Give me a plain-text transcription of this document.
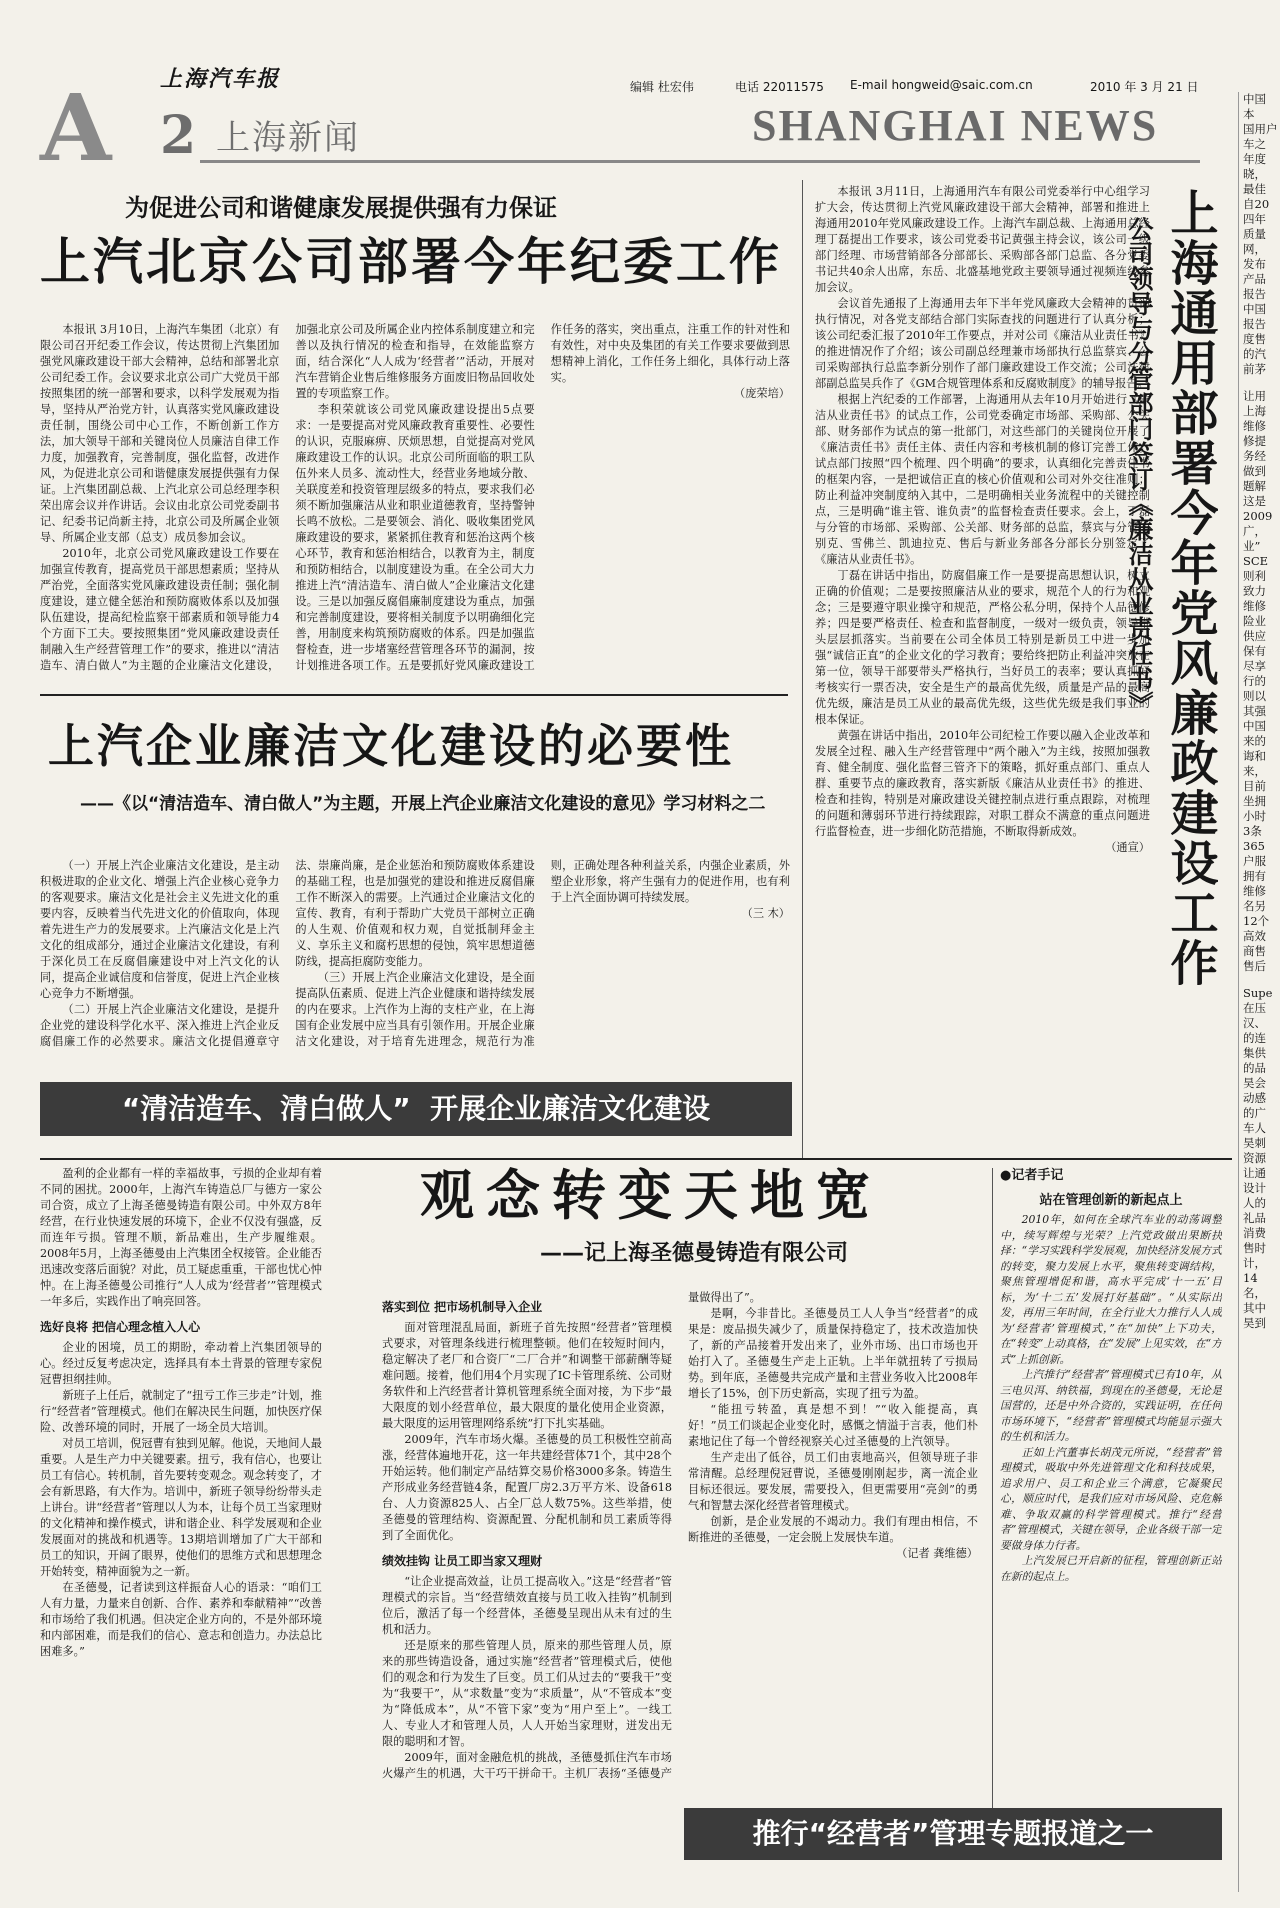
上海汽车报	编辑 杜宏伟	电话 22011575 E-mail hongweid@saic.com.cn	2010 年 3 月 21 日
A 2 上海新闻	SHANGHAI NEWS
为促进公司和谐健康发展提供强有力保证
上汽北京公司部署今年纪委工作

本报讯 3月10日，上海汽车集团（北京）有限公司召开纪委工作会议，传达贯彻上汽集团加强党风廉政建设干部大会精神，总结和部署北京公司纪委工作。会议要求北京公司广大党员干部按照集团的统一部署和要求，以科学发展观为指导，坚持从严治党方针，认真落实党风廉政建设责任制，围绕公司中心工作，不断创新工作方法，加大领导干部和关键岗位人员廉洁自律工作力度，加强教育，完善制度，强化监督，改进作风，为促进北京公司和谐健康发展提供强有力保证。上汽集团副总裁、上汽北京公司总经理李积荣出席会议并作讲话。会议由北京公司党委副书记、纪委书记尚新主持，北京公司及所属企业领导、所属企业支部（总支）成员参加会议。

2010年，北京公司党风廉政建设工作要在加强宣传教育，提高党员干部思想素质；坚持从严治党，全面落实党风廉政建设责任制；强化制度建设，建立健全惩治和预防腐败体系以及加强队伍建设，提高纪检监察干部素质和领导能力4个方面下工夫。要按照集团“党风廉政建设责任制融入生产经营管理工作”的要求，推进以“清洁造车、清白做人”为主题的企业廉洁文化建设，加强北京公司及所属企业内控体系制度建立和完善以及执行情况的检查和指导，在效能监察方面，结合深化“人人成为‘经营者’”活动，开展对汽车营销企业售后维修服务方面废旧物品回收处置的专项监察工作。

李积荣就该公司党风廉政建设提出5点要求：一是要提高对党风廉政教育重要性、必要性的认识，克服麻痹、厌烦思想，自觉提高对党风廉政建设工作的认识。北京公司所面临的职工队伍外来人员多、流动性大，经营业务地域分散、关联度差和投资管理层级多的特点，要求我们必须不断加强廉洁从业和职业道德教育，坚持警钟长鸣不放松。二是要领会、消化、吸收集团党风廉政建设的要求，紧紧抓住教育和惩治这两个核心环节，教育和惩治相结合，以教育为主，制度和预防相结合，以制度建设为重。在全公司大力推进上汽“清洁造车、清白做人”企业廉洁文化建设。三是以加强反腐倡廉制度建设为重点，加强和完善制度建设，要将相关制度予以明确细化完善，用制度来构筑预防腐败的体系。四是加强监督检查，进一步堵塞经营管理各环节的漏洞，按计划推进各项工作。五是要抓好党风廉政建设工作任务的落实，突出重点，注重工作的针对性和有效性，对中央及集团的有关工作要求要做到思想精神上消化，工作任务上细化，具体行动上落实。

（庞荣培）
上汽企业廉洁文化建设的必要性
——《以“清洁造车、清白做人”为主题，开展上汽企业廉洁文化建设的意见》学习材料之二

（一）开展上汽企业廉洁文化建设，是主动积极进取的企业文化、增强上汽企业核心竞争力的客观要求。廉洁文化是社会主义先进文化的重要内容，反映着当代先进文化的价值取向，体现着先进生产力的发展要求。上汽廉洁文化是上汽文化的组成部分，通过企业廉洁文化建设，有利于深化员工在反腐倡廉建设中对上汽文化的认同，提高企业诚信度和信誉度，促进上汽企业核心竞争力不断增强。

（二）开展上汽企业廉洁文化建设，是提升企业党的建设科学化水平、深入推进上汽企业反腐倡廉工作的必然要求。廉洁文化提倡遵章守法、崇廉尚廉，是企业惩治和预防腐败体系建设的基础工程，也是加强党的建设和推进反腐倡廉工作不断深入的需要。上汽通过企业廉洁文化的宣传、教育，有利于帮助广大党员干部树立正确的人生观、价值观和权力观，自觉抵制拜金主义、享乐主义和腐朽思想的侵蚀，筑牢思想道德防线，提高拒腐防变能力。

（三）开展上汽企业廉洁文化建设，是全面提高队伍素质、促进上汽企业健康和谐持续发展的内在要求。上汽作为上海的支柱产业，在上海国有企业发展中应当具有引领作用。开展企业廉洁文化建设，对于培育先进理念，规范行为准则，正确处理各种利益关系，内强企业素质，外塑企业形象，将产生强有力的促进作用，也有利于上汽全面协调可持续发展。

（三 木）
“清洁造车、清白做人”  开展企业廉洁文化建设

本报讯 3月11日，上海通用汽车有限公司党委举行中心组学习扩大会，传达贯彻上汽党风廉政建设干部大会精神，部署和推进上海通用2010年党风廉政建设工作。上海汽车副总裁、上海通用总经理丁磊提出工作要求，该公司党委书记黄强主持会议，该公司一级部门经理、市场营销部各分部部长、采购部各部门总监、各分党委书记共40余人出席，东岳、北盛基地党政主要领导通过视频连线参加会议。

会议首先通报了上海通用去年下半年党风廉政大会精神的贯彻执行情况，对各党支部结合部门实际查找的问题进行了认真分析；该公司纪委汇报了2010年工作要点，并对公司《廉洁从业责任书》的推进情况作了介绍；该公司副总经理兼市场部执行总监蔡宾、公司采购部执行总监李新分别作了部门廉政建设工作交流；公司法律部副总监吴兵作了《GM合规管理体系和反腐败制度》的辅导报告。

根据上汽纪委的工作部署，上海通用从去年10月开始进行《廉洁从业责任书》的试点工作，公司党委确定市场部、采购部、公关部、财务部作为试点的第一批部门，对这些部门的关键岗位开展了《廉洁责任书》责任主体、责任内容和考核机制的修订完善工作。试点部门按照“四个梳理、四个明确”的要求，认真细化完善责任书的框架内容，一是把诚信正直的核心价值观和公司对外交往准则；防止利益冲突制度纳入其中，二是明确相关业务流程中的关键控制点，三是明确“谁主管、谁负责”的监督检查责任要求。会上，丁磊与分管的市场部、采购部、公关部、财务部的总监，蔡宾与分管的别克、雪佛兰、凯迪拉克、售后与新业务部各分部长分别签定了《廉洁从业责任书》。

丁磊在讲话中指出，防腐倡廉工作一是要提高思想认识，树立正确的价值观；二是要按照廉洁从业的要求，规范个人的行为和观念；三是要遵守职业操守和规范，严格公私分明，保持个人品德修养；四是要严格责任、检查和监督制度，一级对一级负责，领导带头层层抓落实。当前要在公司全体员工特别是新员工中进一步加强“诚信正直”的企业文化的学习教育；要给终把防止利益冲突放在第一位，领导干部要带头严格执行，当好员工的表率；要认真抓好考核实行一票否决，安全是生产的最高优先级，质量是产品的最高优先级，廉洁是员工从业的最高优先级，这些优先级是我们事业的根本保证。

黄强在讲话中指出，2010年公司纪检工作要以融入企业改革和发展全过程、融入生产经营管理中“两个融入”为主线，按照加强教育、健全制度、强化监督三管齐下的策略，抓好重点部门、重点人群、重要节点的廉政教育，落实新版《廉洁从业责任书》的推进、检查和挂钩，特别是对廉政建设关键控制点进行重点跟踪，对梳理的问题和薄弱环节进行持续跟踪，对职工群众不满意的重点问题进行监督检查，进一步细化防范措施，不断取得新成效。

（通宣） 上海通用部署今年党风廉政建设工作
公司领导与分管部门签订《廉洁从业责任书》
观念转变天地宽
——记上海圣德曼铸造有限公司

盈利的企业都有一样的幸福故事，亏损的企业却有着不同的困扰。2000年，上海汽车铸造总厂与德方一家公司合资，成立了上海圣德曼铸造有限公司。中外双方8年经营，在行业快速发展的环境下，企业不仅没有强盛，反而连年亏损。管理不顺，新品难出，生产步履维艰。2008年5月，上海圣德曼由上汽集团全权接管。企业能否迅速改变落后面貌？对此，员工疑虑重重，干部也忧心忡忡。在上海圣德曼公司推行“人人成为‘经营者’”管理模式一年多后，实践作出了响亮回答。

选好良将 把信心理念植入人心

企业的困境，员工的期盼，牵动着上汽集团领导的心。经过反复考虑决定，选择具有本土背景的管理专家倪冠曹担纲挂帅。

新班子上任后，就制定了“扭亏工作三步走”计划，推行“经营者”管理模式。他们在解决民生问题，加快医疗保险、改善环境的同时，开展了一场全员大培训。

对员工培训，倪冠曹有独到见解。他说，天地间人最重要。人是生产力中关键要素。扭亏，我有信心，也要让员工有信心。转机制，首先要转变观念。观念转变了，才会有新思路，有大作为。培训中，新班子领导纷纷带头走上讲台。讲“经营者”管理以人为本，让每个员工当家理财的文化精神和操作模式，讲和谐企业、科学发展观和企业发展面对的挑战和机遇等。13期培训增加了广大干部和员工的知识，开阔了眼界，使他们的思维方式和思想理念开始转变，精神面貌为之一新。

在圣德曼，记者读到这样振奋人心的语录：“咱们工人有力量，力量来自创新、合作、素养和奉献精神”“改善和市场给了我们机遇。但决定企业方向的，不是外部环境和内部困难，而是我们的信心、意志和创造力。办法总比困难多。”

落实到位 把市场机制导入企业

面对管理混乱局面，新班子首先按照“经营者”管理模式要求，对管理条线进行梳理整顿。他们在较短时间内，稳定解决了老厂和合资厂“二厂合并”和调整干部薪酬等疑难问题。接着，他们用4个月实现了IC卡管理系统、公司财务软件和上汽经营者计算机管理系统全面对接，为下步“最大限度的划小经营单位，最大限度的量化使用企业资源，最大限度的运用管理网络系统”打下扎实基础。

2009年，汽车市场火爆。圣德曼的员工积极性空前高涨，经营体遍地开花，这一年共建经营体71个，其中28个开始运转。他们制定产品结算交易价格3000多条。铸造生产形成业务经营链4条，配置厂房2.3万平方米、设备618台、人力资源825人、占全厂总人数75%。这些举措，使圣德曼的管理结构、资源配置、分配机制和员工素质等得到了全面优化。

绩效挂钩 让员工即当家又理财

“让企业提高效益，让员工提高收入。”这是“经营者”管理模式的宗旨。当“经营绩效直接与员工收入挂钩”机制到位后，激活了每一个经营体，圣德曼呈现出从未有过的生机和活力。

还是原来的那些管理人员，原来的那些管理人员，原来的那些铸造设备，通过实施“经营者”管理模式后，使他们的观念和行为发生了巨变。员工们从过去的“要我干”变为“我要干”，从“求数量”变为“求质量”，从“不管成本”变为“降低成本”，从“不管下家”变为“用户至上”。一线工人、专业人才和管理人员，人人开始当家理财，迸发出无限的聪明和才智。

2009年，面对金融危机的挑战，圣德曼抓住汽车市场火爆产生的机遇，大干巧干拼命干。主机厂表扬“圣德曼产量做得出了”。

是啊，今非昔比。圣德曼员工人人争当“经营者”的成果是：废品损失减少了，质量保持稳定了，技术改造加快了，新的产品接着开发出来了，业外市场、出口市场也开始打入了。圣德曼生产走上正轨。上半年就扭转了亏损局势。到年底，圣德曼共完成产量和主营业务收入比2008年增长了15%，创下历史新高，实现了扭亏为盈。

“能扭亏转盈，真是想不到！”“收入能提高，真好！”员工们谈起企业变化时，感慨之情溢于言表，他们朴素地记住了每一个曾经视察关心过圣德曼的上汽领导。

生产走出了低谷，员工们由衷地高兴，但领导班子非常清醒。总经理倪冠曹说，圣德曼刚刚起步，离一流企业目标还很远。要发展，需要投入，但更需要用“亮剑”的勇气和智慧去深化经营者管理模式。

创新，是企业发展的不竭动力。我们有理由相信，不断推进的圣德曼，一定会脱上发展快车道。

（记者 龚维德）
●记者手记
站在管理创新的新起点上

2010年，如何在全球汽车业的动荡调整中，续写辉煌与光荣？上汽党政做出果断抉择：“学习实践科学发展观，加快经济发展方式的转变，聚力发展上水平，聚焦转变调结构，聚焦管理增促和谐，高水平完成‘十一五’目标，为‘十二五’发展打好基础”。“从实际出发，再用三年时间，在全行业大力推行人人成为‘经营者’管理模式，”在“加快”上下功夫，在“转变”上动真格，在“发展”上见实效，在“方式”上抓创新。

上汽推行“经营者”管理模式已有10年，从三电贝洱、纳铁福，到现在的圣德曼，无论是国营的，还是中外合资的，实践证明，在任何市场环境下，“经营者”管理模式均能显示强大的生机和活力。

正如上汽董事长胡茂元所说，“经营者”管理模式，吸取中外先进管理文化和科技成果，追求用户、员工和企业三个满意，它凝聚民心，顺应时代，是我们应对市场风险、克危解难、争取双赢的科学管理模式。推行“经营者”管理模式，关键在领导，企业各级干部一定要做身体力行者。

上汽发展已开启新的征程，管理创新正站在新的起点上。

推行“经营者”管理专题报道之一
中国
本
国用户
车之
年度
晓，
最佳
自20
四年
质量
网，
发布
产品
报告
中国
报告
度售
的汽
前茅
让用
上海
维修
修提
务经
做到
题解
这是
2009
广，
业”
SCE
则利
致力
维修
险业
供应
保有
尽享
行的
则以
其强
中国
来的
诲和
来，
目前
坐拥
小时
3条
365
户服
拥有
维修
名另
12个
高效
商售
售后
Supe
在压
汉、
的连
集供
的品
昊会
动感
的广
车人
昊刺
资源
让通
设计
人的
礼品
消费
售时
计，
14
名，
其中
昊到
